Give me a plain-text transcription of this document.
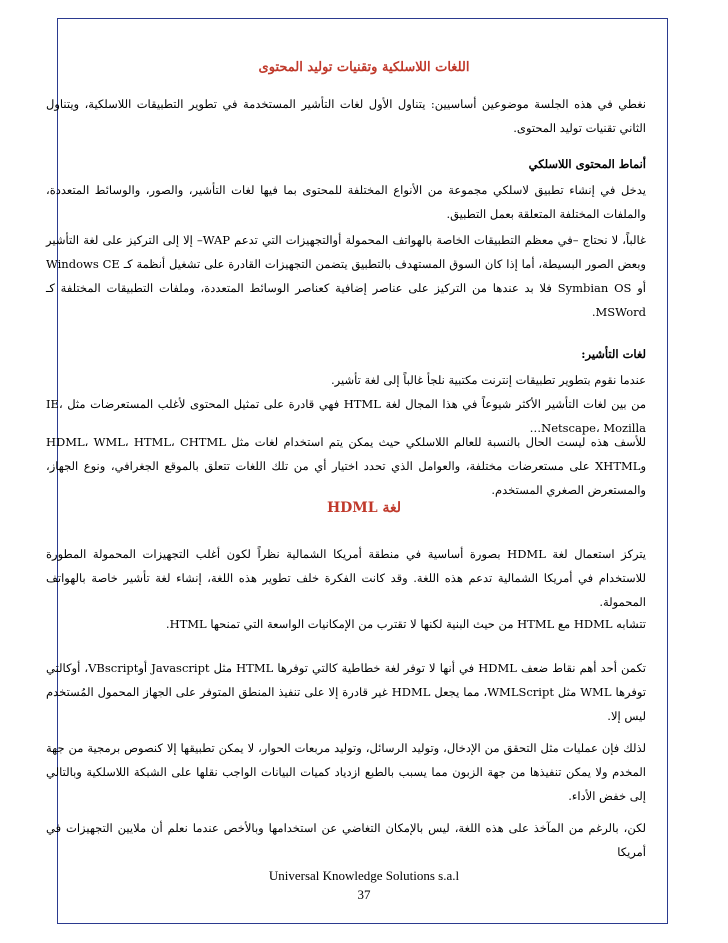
اللغات اللاسلكية وتقنيات توليد المحتوى
نغطي في هذه الجلسة موضوعين أساسيين: يتناول الأول لغات التأشير المستخدمة في تطوير التطبيقات اللاسلكية، ويتناول الثاني تقنيات توليد المحتوى.
أنماط المحتوى اللاسلكي
يدخل في إنشاء تطبيق لاسلكي مجموعة من الأنواع المختلفة للمحتوى بما فيها لغات التأشير، والصور، والوسائط المتعددة، والملفات المختلفة المتعلقة بعمل التطبيق.
غالباً، لا نحتاج –في معظم التطبيقات الخاصة بالهواتف المحمولة أوالتجهيزات التي تدعم WAP– إلا إلى التركيز على لغة التأشير وبعض الصور البسيطة، أما إذا كان السوق المستهدف بالتطبيق يتضمن التجهيزات القادرة على تشغيل أنظمة كـ Windows CE أو Symbian OS فلا بد عندها من التركيز على عناصر إضافية كعناصر الوسائط المتعددة، وملفات التطبيقات المختلفة كـ MSWord.
لغات التأشير:
عندما نقوم بتطوير تطبيقات إنترنت مكتبية نلجأ غالباً إلى لغة تأشير.
من بين لغات التأشير الأكثر شيوعاً في هذا المجال لغة HTML فهي قادرة على تمثيل المحتوى لأغلب المستعرضات مثل IE، Netscape، Mozilla…
للأسف هذه ليست الحال بالنسبة للعالم اللاسلكي حيث يمكن يتم استخدام لغات مثل HDML، WML، HTML، CHTML وXHTML على مستعرضات مختلفة، والعوامل الذي تحدد اختيار أي من تلك اللغات تتعلق بالموقع الجغرافي، ونوع الجهاز، والمستعرض الصغري المستخدم.
لغة HDML
يتركز استعمال لغة HDML بصورة أساسية في منطقة أمريكا الشمالية نظراً لكون أغلب التجهيزات المحمولة المطورة للاستخدام في أمريكا الشمالية تدعم هذه اللغة. وقد كانت الفكرة خلف تطوير هذه اللغة، إنشاء لغة تأشير خاصة بالهواتف المحمولة.
تتشابه HDML مع HTML من حيث البنية لكنها لا تقترب من الإمكانيات الواسعة التي تمنحها HTML.
تكمن أحد أهم نقاط ضعف HDML في أنها لا توفر لغة خطاطية كالتي توفرها HTML مثل Javascript أوVBscript، أوكالتي توفرها WML مثل WMLScript، مما يجعل HDML غير قادرة إلا على تنفيذ المنطق المتوفر على الجهاز المحمول المُستخدم ليس إلا.
لذلك فإن عمليات مثل التحقق من الإدخال، وتوليد الرسائل، وتوليد مربعات الحوار، لا يمكن تطبيقها إلا كنصوص برمجية من جهة المخدم ولا يمكن تنفيذها من جهة الزبون مما يسبب بالطبع ازدياد كميات البيانات الواجب نقلها على الشبكة اللاسلكية وبالتالي إلى خفض الأداء.
لكن، بالرغم من المآخذ على هذه اللغة، ليس بالإمكان التغاضي عن استخدامها وبالأخص عندما نعلم أن ملايين التجهيزات في أمريكا
Universal Knowledge Solutions s.a.l
37
